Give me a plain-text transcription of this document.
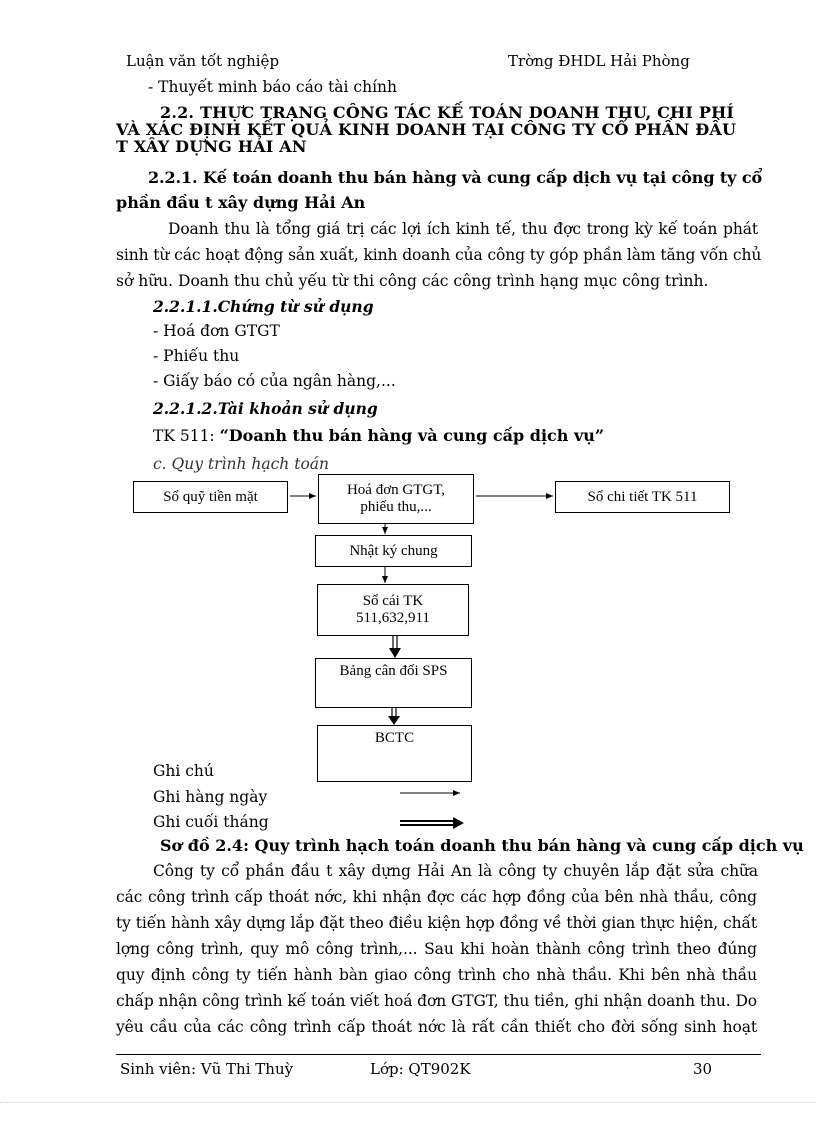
Luận văn tốt nghiệp	Trờng ĐHDL Hải Phòng
- Thuyết minh báo cáo tài chính
2.2. THỰC TRẠNG CÔNG TÁC KẾ TOÁN DOANH THU, CHI PHÍ
VÀ XÁC ĐỊNH KẾT QUẢ KINH DOANH TẠI CÔNG TY CỔ PHẦN ĐẦU
T XÂY DỰNG HẢI AN
2.2.1. Kế toán doanh thu bán hàng và cung cấp dịch vụ tại công ty cổ
phần đầu t xây dựng Hải An
Doanh thu là tổng giá trị các lợi ích kinh tế, thu đợc trong kỳ kế toán phát
sinh từ các hoạt động sản xuất, kinh doanh của công ty góp phần làm tăng vốn chủ
sở hữu. Doanh thu chủ yếu từ thi công các công trình hạng mục công trình.
2.2.1.1.Chứng từ sử dụng
- Hoá đơn GTGT
- Phiếu thu
- Giấy báo có của ngân hàng,...
2.2.1.2.Tài khoản sử dụng
TK 511: “Doanh thu bán hàng và cung cấp dịch vụ”
c. Quy trình hạch toán
Sổ quỹ tiền mặt	Hoá đơn GTGT,
phiếu thu,...
Sổ chi tiết TK 511
Nhật ký chung
Sổ cái TK
511,632,911
Bảng cân đối SPS
BCTC
Ghi chú
Ghi hàng ngày
Ghi cuối tháng
Sơ đồ 2.4: Quy trình hạch toán doanh thu bán hàng và cung cấp dịch vụ
Công ty cổ phần đầu t xây dựng Hải An là công ty chuyên lắp đặt sửa chữa
các công trình cấp thoát nớc, khi nhận đợc các hợp đồng của bên nhà thầu, công
ty tiến hành xây dựng lắp đặt theo điều kiện hợp đồng về thời gian thực hiện, chất
lợng công trình, quy mô công trình,... Sau khi hoàn thành công trình theo đúng
quy định công ty tiến hành bàn giao công trình cho nhà thầu. Khi bên nhà thầu
chấp nhận công trình kế toán viết hoá đơn GTGT, thu tiền, ghi nhận doanh thu. Do
yêu cầu của các công trình cấp thoát nớc là rất cần thiết cho đời sống sinh hoạt
Sinh viên: Vũ Thi Thuỳ	Lớp: QT902K	30
